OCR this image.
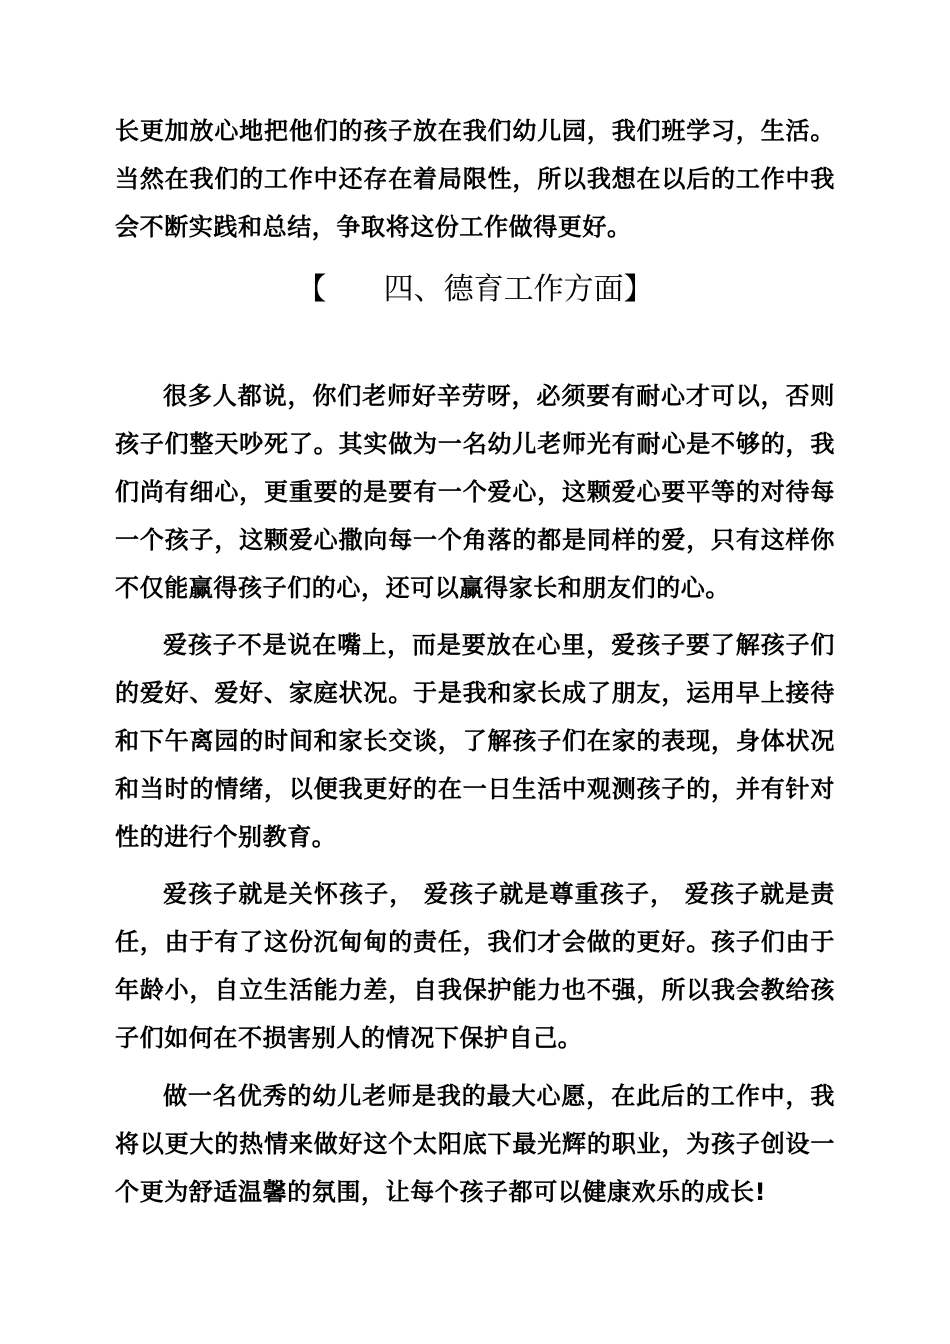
长更加放心地把他们的孩子放在我们幼儿园，我们班学习，生活。当然在我们的工作中还存在着局限性，所以我想在以后的工作中我会不断实践和总结，争取将这份工作做得更好。

【      四、德育工作方面】

很多人都说，你们老师好辛劳呀，必须要有耐心才可以，否则孩子们整天吵死了。其实做为一名幼儿老师光有耐心是不够的，我们尚有细心，更重要的是要有一个爱心，这颗爱心要平等的对待每一个孩子，这颗爱心撒向每一个角落的都是同样的爱，只有这样你不仅能赢得孩子们的心，还可以赢得家长和朋友们的心。

爱孩子不是说在嘴上，而是要放在心里，爱孩子要了解孩子们的爱好、爱好、家庭状况。于是我和家长成了朋友，运用早上接待和下午离园的时间和家长交谈，了解孩子们在家的表现，身体状况和当时的情绪，以便我更好的在一日生活中观测孩子的，并有针对性的进行个别教育。

爱孩子就是关怀孩子， 爱孩子就是尊重孩子， 爱孩子就是责任，由于有了这份沉甸甸的责任，我们才会做的更好。孩子们由于年龄小，自立生活能力差，自我保护能力也不强，所以我会教给孩子们如何在不损害别人的情况下保护自己。

做一名优秀的幼儿老师是我的最大心愿，在此后的工作中，我将以更大的热情来做好这个太阳底下最光辉的职业，为孩子创设一个更为舒适温馨的氛围，让每个孩子都可以健康欢乐的成长!
